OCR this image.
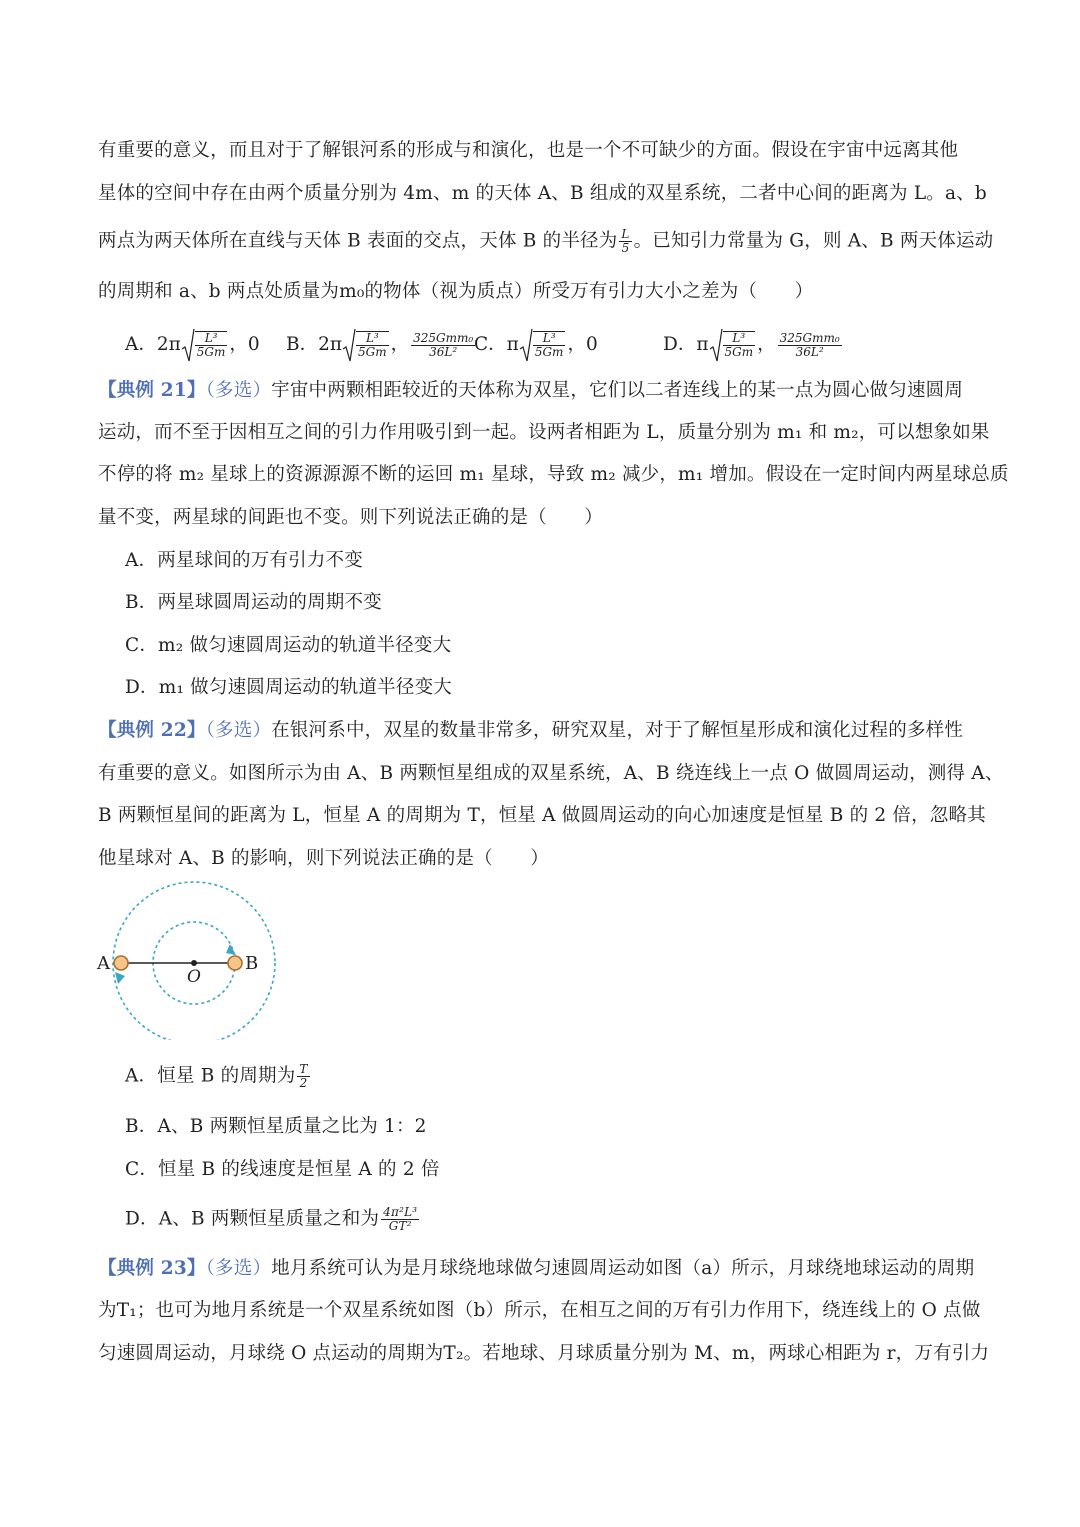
有重要的意义，而且对于了解银河系的形成与和演化，也是一个不可缺少的方面。假设在宇宙中远离其他
星体的空间中存在由两个质量分别为 4m、m 的天体 A、B 组成的双星系统，二者中心间的距离为 L。a、b
两点为两天体所在直线与天体 B 表面的交点，天体 B 的半径为 $\frac{L}{5}$ 。已知引力常量为 G，则 A、B 两天体运动
的周期和 a、b 两点处质量为m₀的物体（视为质点）所受万有引力大小之差为（　　）
A．$2\pi \frac{\text{L³}}{5Gm}$ ，0 B．$2\pi \frac{\text{L³}}{5Gm}$ ， $\frac{\text{325Gmm₀}}{\text{36L²}}$
C．π $\frac{\text{L³}}{5Gm}$ ，0	D．π $\frac{\text{L³}}{5Gm}$ ， $\frac{\text{325Gmm₀}}{\text{36L²}}$
【典例 21】（多选）宇宙中两颗相距较近的天体称为双星，它们以二者连线上的某一点为圆心做匀速圆周
运动，而不至于因相互之间的引力作用吸引到一起。设两者相距为 L，质量分别为 m₁ 和 m₂，可以想象如果
不停的将 m₂ 星球上的资源源源不断的运回 m₁ 星球，导致 m₂ 减少，m₁ 增加。假设在一定时间内两星球总质
量不变，两星球的间距也不变。则下列说法正确的是（　　）
A．两星球间的万有引力不变
B．两星球圆周运动的周期不变
C．m₂ 做匀速圆周运动的轨道半径变大
D．m₁ 做匀速圆周运动的轨道半径变大
【典例 22】（多选）在银河系中，双星的数量非常多，研究双星，对于了解恒星形成和演化过程的多样性
有重要的意义。如图所示为由 A、B 两颗恒星组成的双星系统，A、B 绕连线上一点 O 做圆周运动，测得 A、
B 两颗恒星间的距离为 L，恒星 A 的周期为 T，恒星 A 做圆周运动的向心加速度是恒星 B 的 2 倍，忽略其
他星球对 A、B 的影响，则下列说法正确的是（　　）
A	B
O
A．恒星 B 的周期为 $\frac{T}{2}$
B．A、B 两颗恒星质量之比为 1：2
C．恒星 B 的线速度是恒星 A 的 2 倍
D．A、B 两颗恒星质量之和为 $\frac{\text{4π²L³}}{\text{GT²}}$
【典例 23】（多选）地月系统可认为是月球绕地球做匀速圆周运动如图（a）所示，月球绕地球运动的周期
为T₁；也可为地月系统是一个双星系统如图（b）所示，在相互之间的万有引力作用下，绕连线上的 O 点做
匀速圆周运动，月球绕 O 点运动的周期为T₂。若地球、月球质量分别为 M、m，两球心相距为 r，万有引力
